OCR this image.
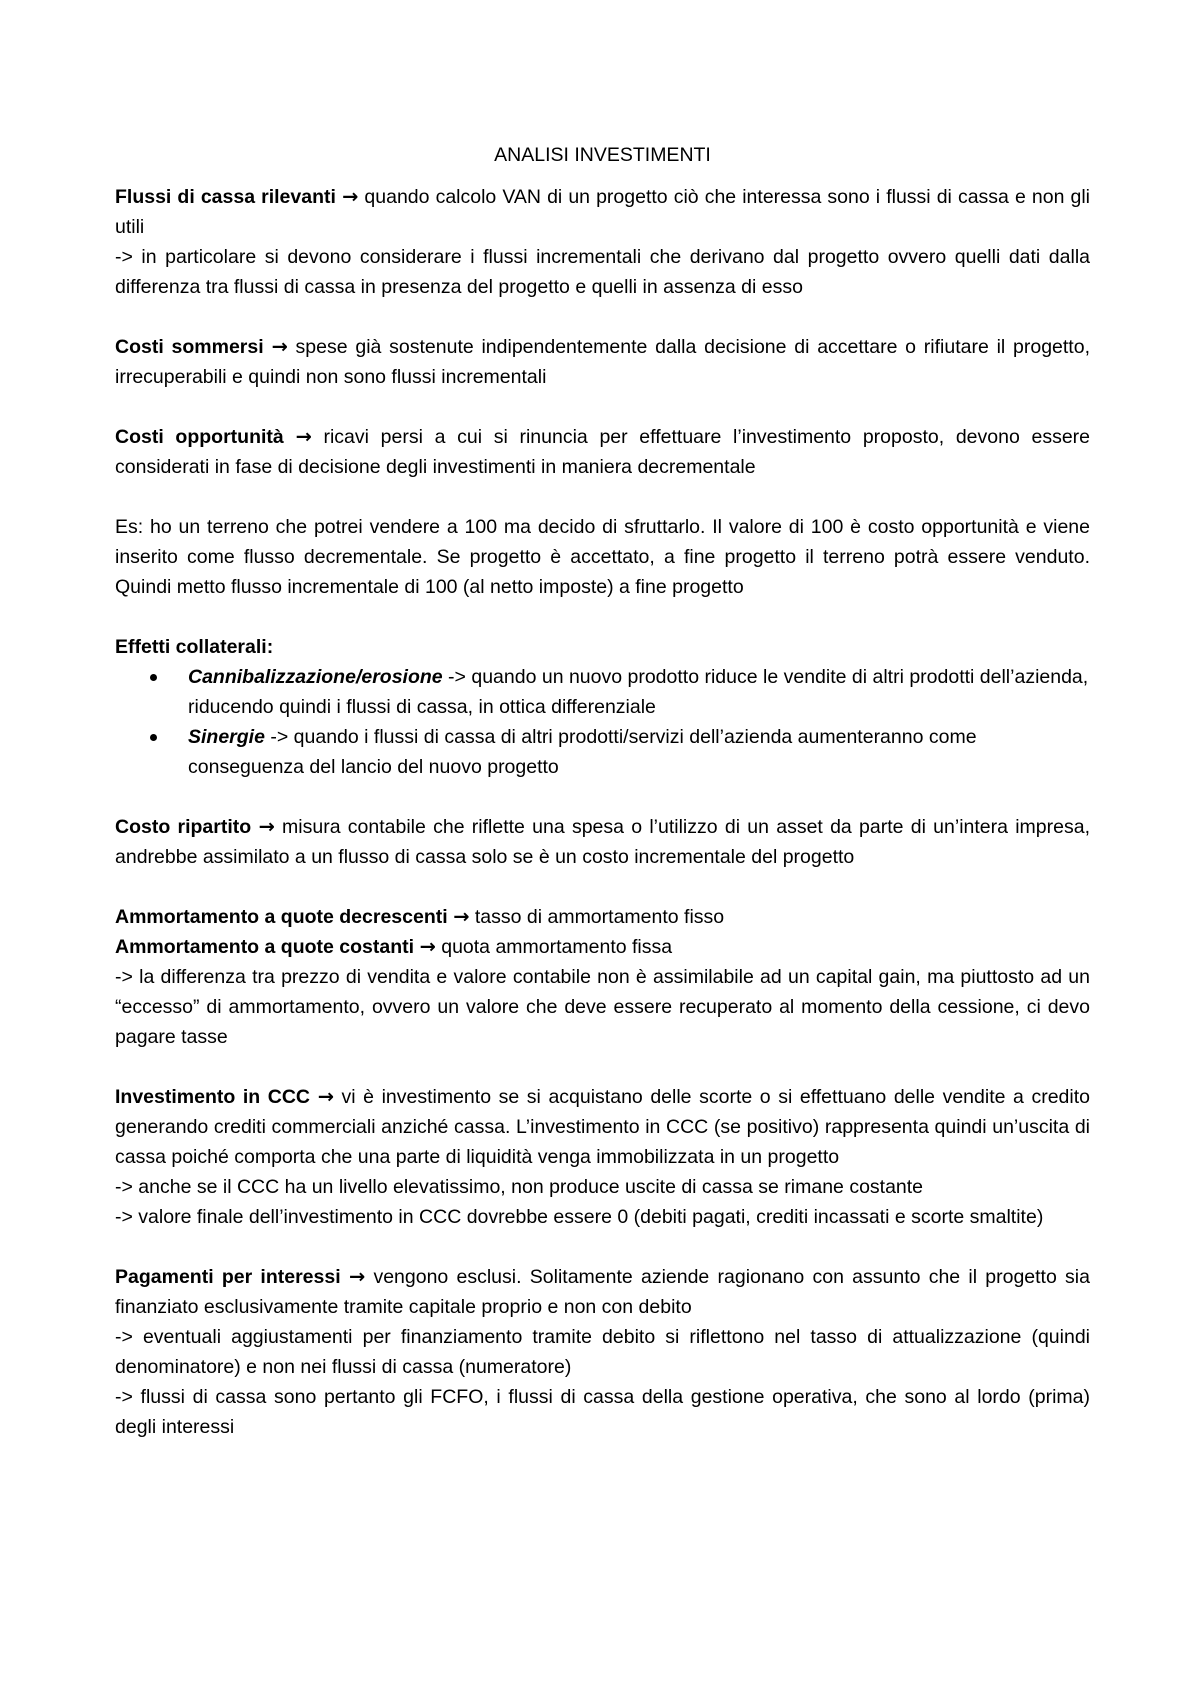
ANALISI INVESTIMENTI
Flussi di cassa rilevanti → quando calcolo VAN di un progetto ciò che interessa sono i flussi di cassa e non gli utili
-> in particolare si devono considerare i flussi incrementali che derivano dal progetto ovvero quelli dati dalla differenza tra flussi di cassa in presenza del progetto e quelli in assenza di esso
Costi sommersi → spese già sostenute indipendentemente dalla decisione di accettare o rifiutare il progetto, irrecuperabili e quindi non sono flussi incrementali
Costi opportunità → ricavi persi a cui si rinuncia per effettuare l’investimento proposto, devono essere considerati in fase di decisione degli investimenti in maniera decrementale
Es: ho un terreno che potrei vendere a 100 ma decido di sfruttarlo. Il valore di 100 è costo opportunità e viene inserito come flusso decrementale. Se progetto è accettato, a fine progetto il terreno potrà essere venduto. Quindi metto flusso incrementale di 100 (al netto imposte) a fine progetto
Effetti collaterali:
Cannibalizzazione/erosione -> quando un nuovo prodotto riduce le vendite di altri prodotti dell’azienda, riducendo quindi i flussi di cassa, in ottica differenziale
Sinergie -> quando i flussi di cassa di altri prodotti/servizi dell’azienda aumenteranno come conseguenza del lancio del nuovo progetto
Costo ripartito → misura contabile che riflette una spesa o l’utilizzo di un asset da parte di un’intera impresa, andrebbe assimilato a un flusso di cassa solo se è un costo incrementale del progetto
Ammortamento a quote decrescenti → tasso di ammortamento fisso
Ammortamento a quote costanti → quota ammortamento fissa
-> la differenza tra prezzo di vendita e valore contabile non è assimilabile ad un capital gain, ma piuttosto ad un “eccesso” di ammortamento, ovvero un valore che deve essere recuperato al momento della cessione, ci devo pagare tasse
Investimento in CCC → vi è investimento se si acquistano delle scorte o si effettuano delle vendite a credito generando crediti commerciali anziché cassa. L’investimento in CCC (se positivo) rappresenta quindi un’uscita di cassa poiché comporta che una parte di liquidità venga immobilizzata in un progetto
-> anche se il CCC ha un livello elevatissimo, non produce uscite di cassa se rimane costante
-> valore finale dell’investimento in CCC dovrebbe essere 0 (debiti pagati, crediti incassati e scorte smaltite)
Pagamenti per interessi → vengono esclusi. Solitamente aziende ragionano con assunto che il progetto sia finanziato esclusivamente tramite capitale proprio e non con debito
-> eventuali aggiustamenti per finanziamento tramite debito si riflettono nel tasso di attualizzazione (quindi denominatore) e non nei flussi di cassa (numeratore)
-> flussi di cassa sono pertanto gli FCFO, i flussi di cassa della gestione operativa, che sono al lordo (prima) degli interessi
